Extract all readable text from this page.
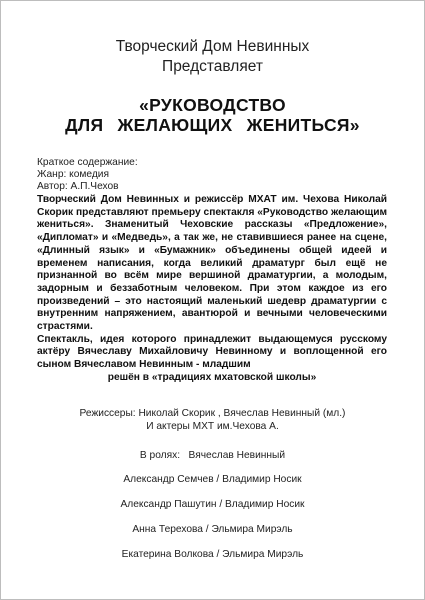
Творческий Дом Невинных
Представляет
«РУКОВОДСТВО
ДЛЯ ЖЕЛАЮЩИХ ЖЕНИТЬСЯ»
Краткое содержание:
Жанр: комедия
Автор: А.П.Чехов

Творческий Дом Невинных и режиссёр МХАТ им. Чехова Николай Скорик представляют премьеру спектакля «Руководство желающим жениться». Знаменитый Чеховские рассказы «Предложение», «Дипломат» и «Медведь», а так же, не ставившиеся ранее на сцене, «Длинный язык» и «Бумажник» объединены общей идеей и временем написания, когда великий драматург был ещё не признанной во всём мире вершиной драматургии, а молодым, задорным и беззаботным человеком. При этом каждое из его произведений – это настоящий маленький шедевр драматургии с внутренним напряжением, авантюрой и вечными человеческими страстями.

Спектакль, идея которого принадлежит выдающемуся русскому актёру Вячеславу Михайловичу Невинному и воплощенной его сыном Вячеславом Невинным - младшим

решён в «традициях мхатовской школы»

Режиссеры: Николай Скорик , Вячеслав Невинный (мл.)
И актеры МХТ им.Чехова А.
В ролях: Вячеслав Невинный
Александр Семчев / Владимир Носик
Александр Пашутин / Владимир Носик
Анна Терехова / Эльмира Мирэль
Екатерина Волкова / Эльмира Мирэль
